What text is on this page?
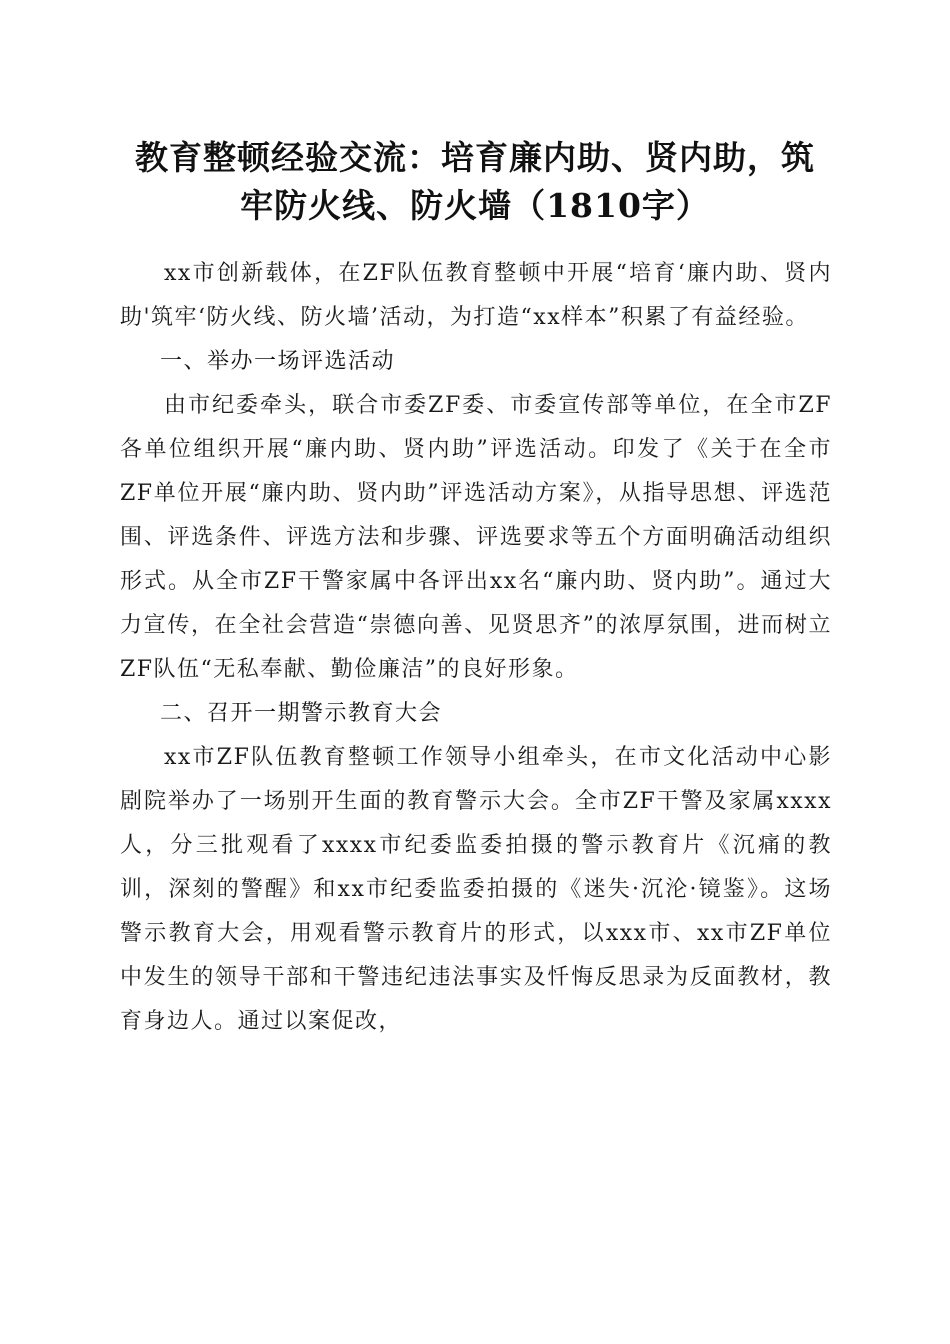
教育整顿经验交流：培育廉内助、贤内助，筑
牢防火线、防火墙（1810字）

xx市创新载体，在ZF队伍教育整顿中开展“培育‘廉内助、贤内助'筑牢‘防火线、防火墙’活动，为打造“xx样本”积累了有益经验。

一、举办一场评选活动

由市纪委牵头，联合市委ZF委、市委宣传部等单位，在全市ZF各单位组织开展“廉内助、贤内助”评选活动。印发了《关于在全市ZF单位开展“廉内助、贤内助”评选活动方案》，从指导思想、评选范围、评选条件、评选方法和步骤、评选要求等五个方面明确活动组织形式。从全市ZF干警家属中各评出xx名“廉内助、贤内助”。通过大力宣传，在全社会营造“崇德向善、见贤思齐”的浓厚氛围，进而树立ZF队伍“无私奉献、勤俭廉洁”的良好形象。

二、召开一期警示教育大会

xx市ZF队伍教育整顿工作领导小组牵头，在市文化活动中心影剧院举办了一场别开生面的教育警示大会。全市ZF干警及家属xxxx人，分三批观看了xxxx市纪委监委拍摄的警示教育片《沉痛的教训，深刻的警醒》和xx市纪委监委拍摄的《迷失·沉沦·镜鉴》。这场警示教育大会，用观看警示教育片的形式，以xxx市、xx市ZF单位中发生的领导干部和干警违纪违法事实及忏悔反思录为反面教材，教育身边人。通过以案促改，
